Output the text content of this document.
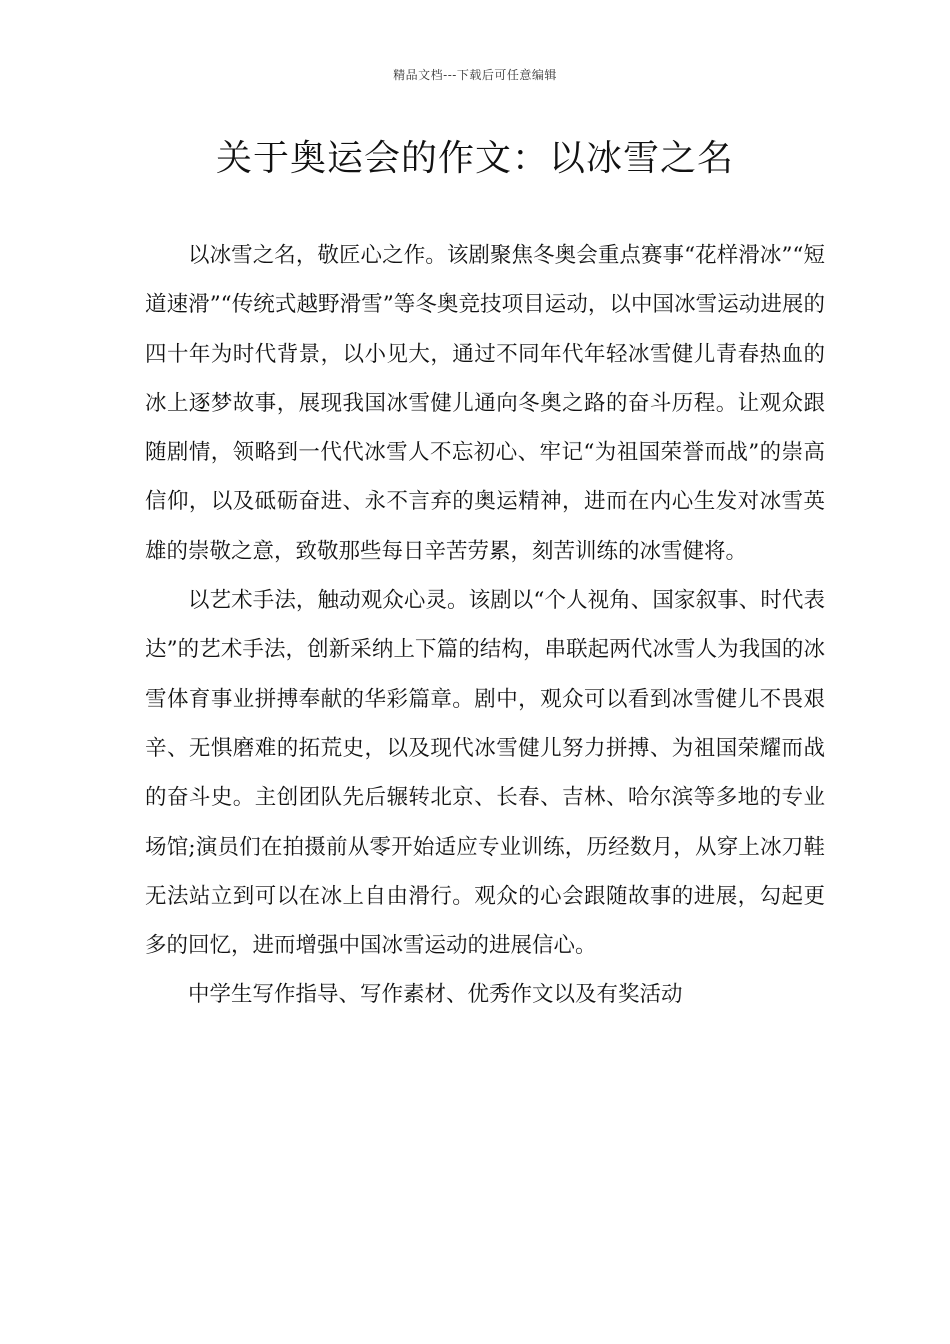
精品文档---下载后可任意编辑
关于奥运会的作文：以冰雪之名

以冰雪之名，敬匠心之作。该剧聚焦冬奥会重点赛事“花样滑冰”“短道速滑”“传统式越野滑雪”等冬奥竞技项目运动，以中国冰雪运动进展的四十年为时代背景，以小见大，通过不同年代年轻冰雪健儿青春热血的冰上逐梦故事，展现我国冰雪健儿通向冬奥之路的奋斗历程。让观众跟随剧情，领略到一代代冰雪人不忘初心、牢记“为祖国荣誉而战”的崇高信仰，以及砥砺奋进、永不言弃的奥运精神，进而在内心生发对冰雪英雄的崇敬之意，致敬那些每日辛苦劳累，刻苦训练的冰雪健将。

以艺术手法，触动观众心灵。该剧以“个人视角、国家叙事、时代表达”的艺术手法，创新采纳上下篇的结构，串联起两代冰雪人为我国的冰雪体育事业拼搏奉献的华彩篇章。剧中，观众可以看到冰雪健儿不畏艰辛、无惧磨难的拓荒史，以及现代冰雪健儿努力拼搏、为祖国荣耀而战的奋斗史。主创团队先后辗转北京、长春、吉林、哈尔滨等多地的专业场馆;演员们在拍摄前从零开始适应专业训练，历经数月，从穿上冰刀鞋无法站立到可以在冰上自由滑行。观众的心会跟随故事的进展，勾起更多的回忆，进而增强中国冰雪运动的进展信心。

中学生写作指导、写作素材、优秀作文以及有奖活动
